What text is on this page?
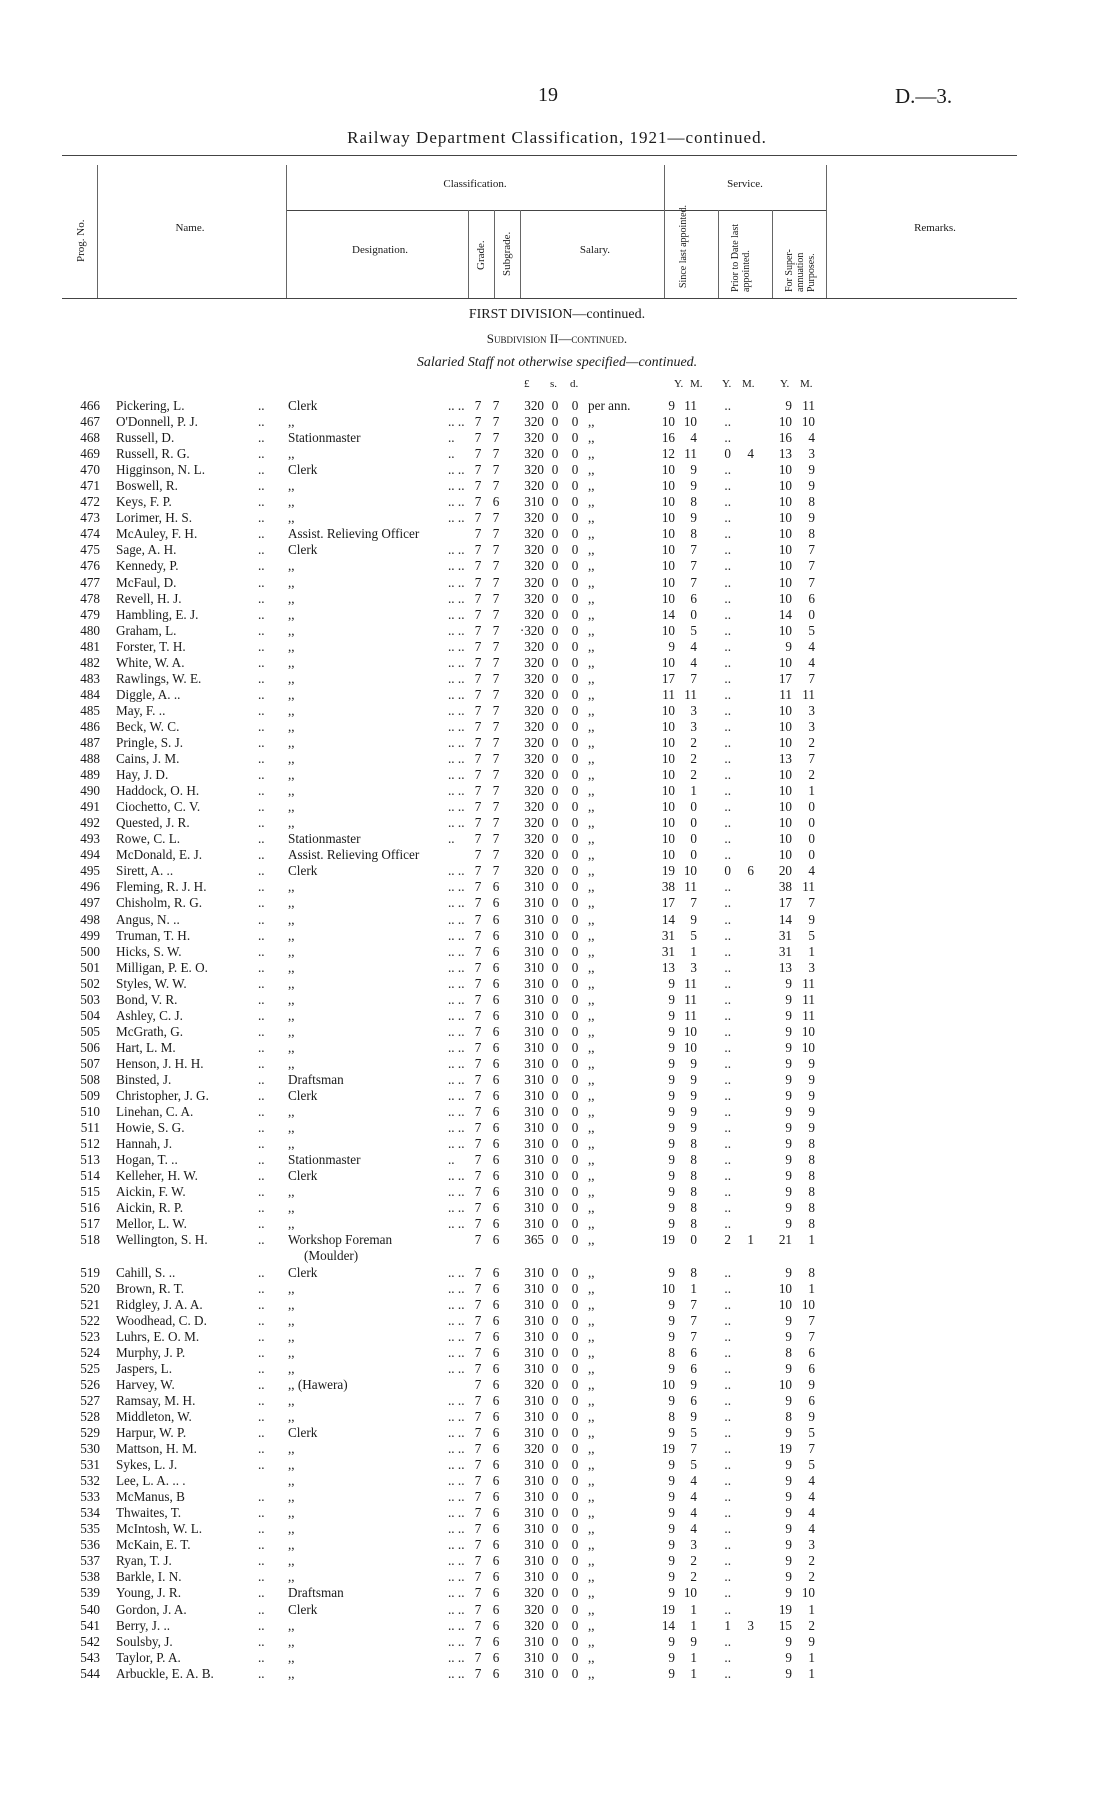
19	D.—3.
Railway Department Classification, 1921—continued.
Prog. No.	Name.
Classification.	Service.
Designation.	Grade. Subgrade.	Salary.	Since last appointed.	Prior to Date last appointed.	For Super-annuation Purposes.
Remarks.
FIRST DIVISION—continued.
Subdivision II—continued.
Salaried Staff not otherwise specified—continued.
£ s. d.	Y. M. Y. M. Y. M.
466 Pickering, L.	.. Clerk	.. .. 7 7	320 0 0 per ann.	9 11	..	9 11
467 O'Donnell, P. J.	.. ,,	.. .. 7 7	320 0 0 ,,	10 10	..	10 10
468 Russell, D.	.. Stationmaster	.. 7 7	320 0 0 ,,	16	4	..	16	4
469 Russell, R. G.	.. ,,	.. 7 7	320 0 0 ,,	12 11	0	4	13	3
470 Higginson, N. L.	.. Clerk	.. .. 7 7	320 0 0 ,,	10	9	..	10	9
471 Boswell, R.	.. ,,	.. .. 7 7	320 0 0 ,,	10	9	..	10	9
472 Keys, F. P.	.. ,,	.. .. 7 6	310 0 0 ,,	10	8	..	10	8
473 Lorimer, H. S.	.. ,,	.. .. 7 7	320 0 0 ,,	10	9	..	10	9
474 McAuley, F. H.	.. Assist. Relieving Officer	7 7	320 0 0 ,,	10	8	..	10	8
475 Sage, A. H.	.. Clerk	.. .. 7 7	320 0 0 ,,	10	7	..	10	7
476 Kennedy, P.	.. ,,	.. .. 7 7	320 0 0 ,,	10	7	..	10	7
477 McFaul, D.	.. ,,	.. .. 7 7	320 0 0 ,,	10	7	..	10	7
478 Revell, H. J.	.. ,,	.. .. 7 7	320 0 0 ,,	10	6	..	10	6
479 Hambling, E. J.	.. ,,	.. .. 7 7	320 0 0 ,,	14	0	..	14	0
480 Graham, L.	.. ,,	.. .. 7 7	·320 0 0 ,,	10	5	..	10	5
481 Forster, T. H.	.. ,,	.. .. 7 7	320 0 0 ,,	9	4	..	9	4
482 White, W. A.	.. ,,	.. .. 7 7	320 0 0 ,,	10	4	..	10	4
483 Rawlings, W. E.	.. ,,	.. .. 7 7	320 0 0 ,,	17	7	..	17	7
484 Diggle, A. ..	.. ,,	.. .. 7 7	320 0 0 ,,	11 11	..	11 11
485 May, F. ..	.. ,,	.. .. 7 7	320 0 0 ,,	10	3	..	10	3
486 Beck, W. C.	.. ,,	.. .. 7 7	320 0 0 ,,	10	3	..	10	3
487 Pringle, S. J.	.. ,,	.. .. 7 7	320 0 0 ,,	10	2	..	10	2
488 Cains, J. M.	.. ,,	.. .. 7 7	320 0 0 ,,	10	2	..	13	7
489 Hay, J. D.	.. ,,	.. .. 7 7	320 0 0 ,,	10	2	..	10	2
490 Haddock, O. H.	.. ,,	.. .. 7 7	320 0 0 ,,	10	1	..	10	1
491 Ciochetto, C. V.	.. ,,	.. .. 7 7	320 0 0 ,,	10	0	..	10	0
492 Quested, J. R.	.. ,,	.. .. 7 7	320 0 0 ,,	10	0	..	10	0
493 Rowe, C. L.	.. Stationmaster	.. 7 7	320 0 0 ,,	10	0	..	10	0
494 McDonald, E. J.	.. Assist. Relieving Officer	7 7	320 0 0 ,,	10	0	..	10	0
495 Sirett, A. ..	.. Clerk	.. .. 7 7	320 0 0 ,,	19 10	0	6	20	4
496 Fleming, R. J. H.	.. ,,	.. .. 7 6	310 0 0 ,,	38 11	..	38 11
497 Chisholm, R. G.	.. ,,	.. .. 7 6	310 0 0 ,,	17	7	..	17	7
498 Angus, N. ..	.. ,,	.. .. 7 6	310 0 0 ,,	14	9	..	14	9
499 Truman, T. H.	.. ,,	.. .. 7 6	310 0 0 ,,	31	5	..	31	5
500 Hicks, S. W.	.. ,,	.. .. 7 6	310 0 0 ,,	31	1	..	31	1
501 Milligan, P. E. O.	.. ,,	.. .. 7 6	310 0 0 ,,	13	3	..	13	3
502 Styles, W. W.	.. ,,	.. .. 7 6	310 0 0 ,,	9 11	..	9 11
503 Bond, V. R.	.. ,,	.. .. 7 6	310 0 0 ,,	9 11	..	9 11
504 Ashley, C. J.	.. ,,	.. .. 7 6	310 0 0 ,,	9 11	..	9 11
505 McGrath, G.	.. ,,	.. .. 7 6	310 0 0 ,,	9 10	..	9 10
506 Hart, L. M.	.. ,,	.. .. 7 6	310 0 0 ,,	9 10	..	9 10
507 Henson, J. H. H.	.. ,,	.. .. 7 6	310 0 0 ,,	9	9	..	9	9
508 Binsted, J.	.. Draftsman	.. .. 7 6	310 0 0 ,,	9	9	..	9	9
509 Christopher, J. G.	.. Clerk	.. .. 7 6	310 0 0 ,,	9	9	..	9	9
510 Linehan, C. A.	.. ,,	.. .. 7 6	310 0 0 ,,	9	9	..	9	9
511 Howie, S. G.	.. ,,	.. .. 7 6	310 0 0 ,,	9	9	..	9	9
512 Hannah, J.	.. ,,	.. .. 7 6	310 0 0 ,,	9	8	..	9	8
513 Hogan, T. ..	.. Stationmaster	.. 7 6	310 0 0 ,,	9	8	..	9	8
514 Kelleher, H. W.	.. Clerk	.. .. 7 6	310 0 0 ,,	9	8	..	9	8
515 Aickin, F. W.	.. ,,	.. .. 7 6	310 0 0 ,,	9	8	..	9	8
516 Aickin, R. P.	.. ,,	.. .. 7 6	310 0 0 ,,	9	8	..	9	8
517 Mellor, L. W.	.. ,,	.. .. 7 6	310 0 0 ,,	9	8	..	9	8
518 Wellington, S. H.	.. Workshop Foreman	7 6	365 0 0 ,,	19	0	2	1	21	1
(Moulder)
519 Cahill, S. ..	.. Clerk	.. .. 7 6	310 0 0 ,,	9	8	..	9	8
520 Brown, R. T.	.. ,,	.. .. 7 6	310 0 0 ,,	10	1	..	10	1
521 Ridgley, J. A. A.	.. ,,	.. .. 7 6	310 0 0 ,,	9	7	..	10 10
522 Woodhead, C. D.	.. ,,	.. .. 7 6	310 0 0 ,,	9	7	..	9	7
523 Luhrs, E. O. M.	.. ,,	.. .. 7 6	310 0 0 ,,	9	7	..	9	7
524 Murphy, J. P.	.. ,,	.. .. 7 6	310 0 0 ,,	8	6	..	8	6
525 Jaspers, L.	.. ,,	.. .. 7 6	310 0 0 ,,	9	6	..	9	6
526 Harvey, W.	.. ,, (Hawera)	7 6	320 0 0 ,,	10	9	..	10	9
527 Ramsay, M. H.	.. ,,	.. .. 7 6	310 0 0 ,,	9	6	..	9	6
528 Middleton, W.	.. ,,	.. .. 7 6	310 0 0 ,,	8	9	..	8	9
529 Harpur, W. P.	.. Clerk	.. .. 7 6	310 0 0 ,,	9	5	..	9	5
530 Mattson, H. M.	.. ,,	.. .. 7 6	320 0 0 ,,	19	7	..	19	7
531 Sykes, L. J.	.. ,,	.. .. 7 6	310 0 0 ,,	9	5	..	9	5
532 Lee, L. A. .. .	,,	.. .. 7 6	310 0 0 ,,	9	4	..	9	4
533 McManus, B	.. ,,	.. .. 7 6	310 0 0 ,,	9	4	..	9	4
534 Thwaites, T.	.. ,,	.. .. 7 6	310 0 0 ,,	9	4	..	9	4
535 McIntosh, W. L.	.. ,,	.. .. 7 6	310 0 0 ,,	9	4	..	9	4
536 McKain, E. T.	.. ,,	.. .. 7 6	310 0 0 ,,	9	3	..	9	3
537 Ryan, T. J.	.. ,,	.. .. 7 6	310 0 0 ,,	9	2	..	9	2
538 Barkle, I. N.	.. ,,	.. .. 7 6	310 0 0 ,,	9	2	..	9	2
539 Young, J. R.	.. Draftsman	.. .. 7 6	320 0 0 ,,	9 10	..	9 10
540 Gordon, J. A.	.. Clerk	.. .. 7 6	320 0 0 ,,	19	1	..	19	1
541 Berry, J. ..	.. ,,	.. .. 7 6	320 0 0 ,,	14	1	1	3	15	2
542 Soulsby, J.	.. ,,	.. .. 7 6	310 0 0 ,,	9	9	..	9	9
543 Taylor, P. A.	.. ,,	.. .. 7 6	310 0 0 ,,	9	1	..	9	1
544 Arbuckle, E. A. B.	.. ,,	.. .. 7 6	310 0 0 ,,	9	1	..	9	1
